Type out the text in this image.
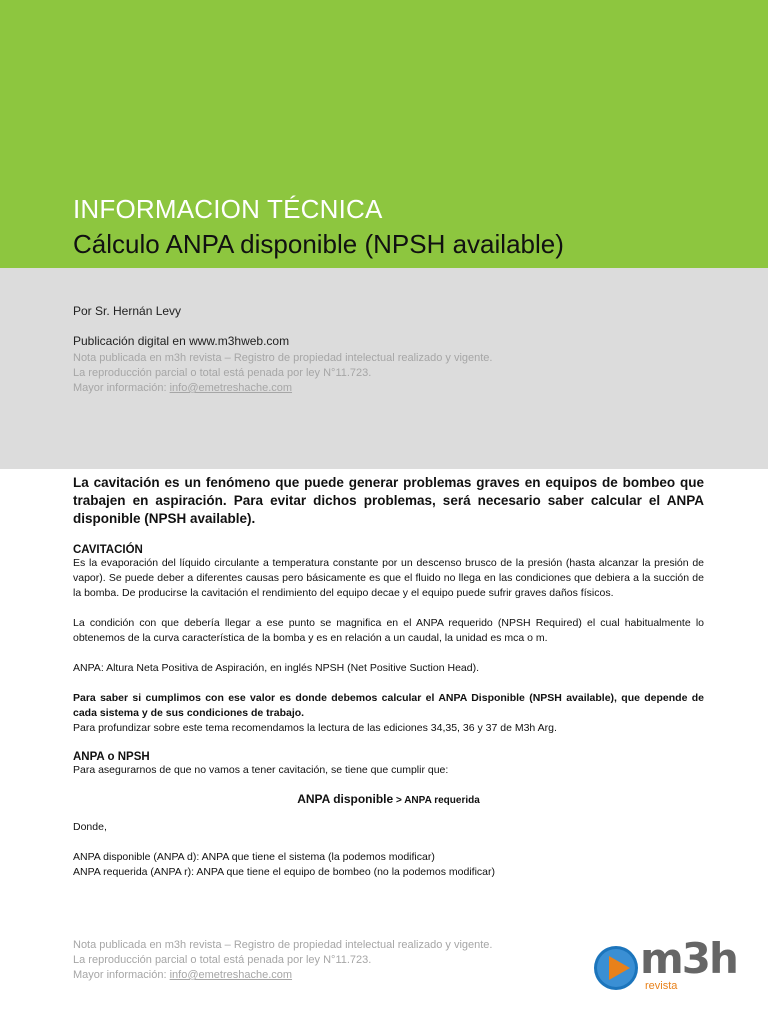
INFORMACION TÉCNICA
Cálculo ANPA disponible (NPSH available)
Por Sr. Hernán Levy
Publicación digital en www.m3hweb.com
Nota publicada en m3h revista – Registro de propiedad intelectual realizado y vigente.
La reproducción parcial o total está penada por ley N°11.723.
Mayor información: info@emetreshache.com

La cavitación es un fenómeno que puede generar problemas graves en equipos de bombeo que trabajen en aspiración. Para evitar dichos problemas, será necesario saber calcular el ANPA disponible (NPSH available).

CAVITACIÓN

Es la evaporación del líquido circulante a temperatura constante por un descenso brusco de la presión (hasta alcanzar la presión de vapor). Se puede deber a diferentes causas pero básicamente es que el fluido no llega en las condiciones que debiera a la succión de la bomba. De producirse la cavitación el rendimiento del equipo decae y el equipo puede sufrir graves daños físicos.

La condición con que debería llegar a ese punto se magnifica en el ANPA requerido (NPSH Required) el cual habitualmente lo obtenemos de la curva característica de la bomba y es en relación a un caudal, la unidad es mca o m.

ANPA: Altura Neta Positiva de Aspiración, en inglés NPSH (Net Positive Suction Head).

Para saber si cumplimos con ese valor es donde debemos calcular el ANPA Disponible (NPSH available), que depende de cada sistema y de sus condiciones de trabajo.

Para profundizar sobre este tema recomendamos la lectura de las ediciones 34,35, 36 y 37 de M3h Arg.

ANPA o NPSH

Para asegurarnos de que no vamos a tener cavitación, se tiene que cumplir que:

ANPA disponible > ANPA requerida

Donde,

ANPA disponible (ANPA d): ANPA que tiene el sistema (la podemos modificar)

ANPA requerida (ANPA r): ANPA que tiene el equipo de bombeo (no la podemos modificar)

Nota publicada en m3h revista – Registro de propiedad intelectual realizado y vigente.
La reproducción parcial o total está penada por ley N°11.723.
Mayor información: info@emetreshache.com	m3h
revista
